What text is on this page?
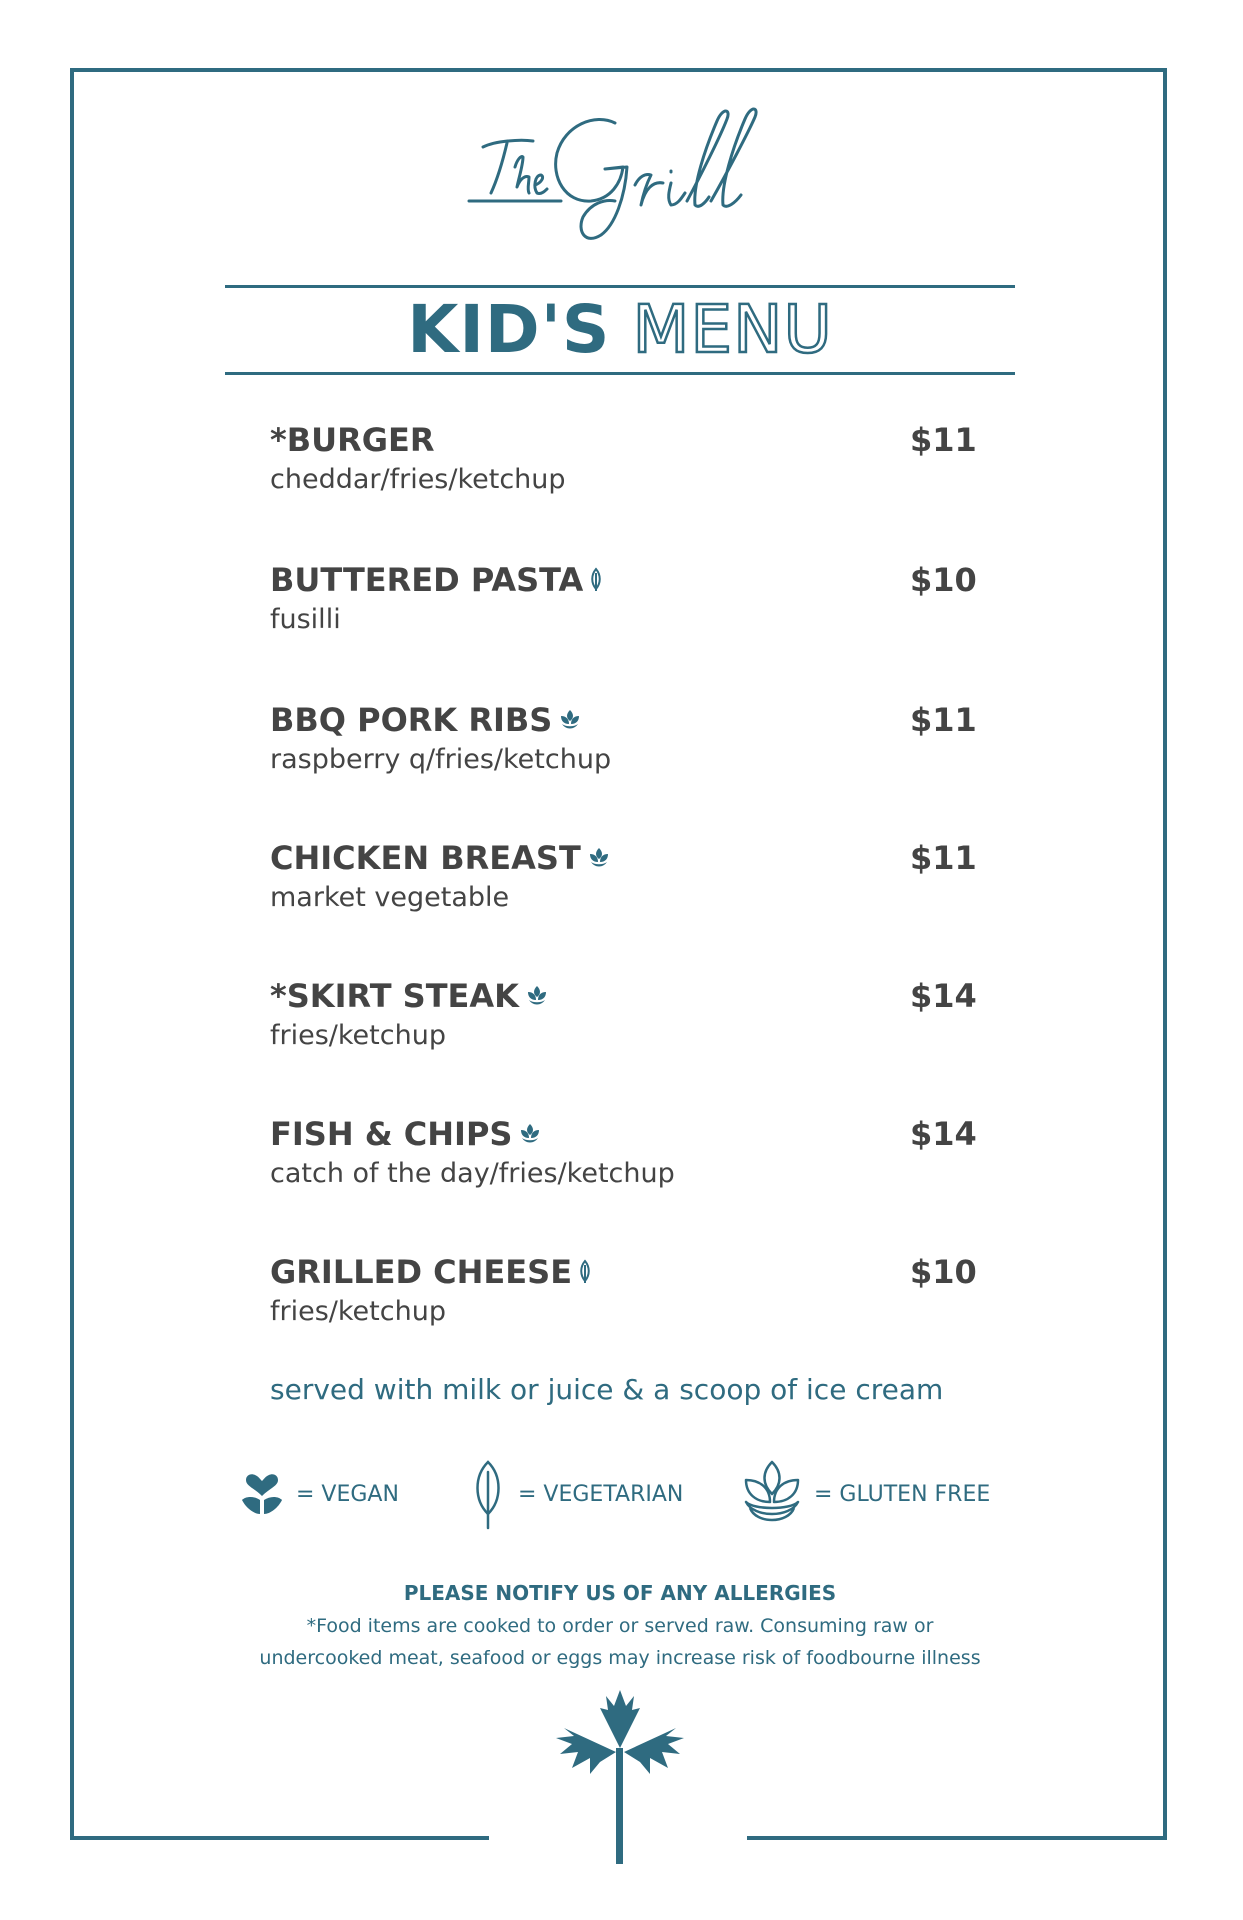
KID'S MENU
*BURGER
cheddar/fries/ketchup
$11
BUTTERED PASTA
fusilli
$10
BBQ PORK RIBS
raspberry q/fries/ketchup
$11
CHICKEN BREAST
market vegetable
$11
*SKIRT STEAK
fries/ketchup
$14
FISH & CHIPS
catch of the day/fries/ketchup
$14
GRILLED CHEESE
fries/ketchup
$10
served with milk or juice & a scoop of ice cream
= VEGAN	= VEGETARIAN	= GLUTEN FREE
PLEASE NOTIFY US OF ANY ALLERGIES
*Food items are cooked to order or served raw. Consuming raw or
undercooked meat, seafood or eggs may increase risk of foodbourne illness
